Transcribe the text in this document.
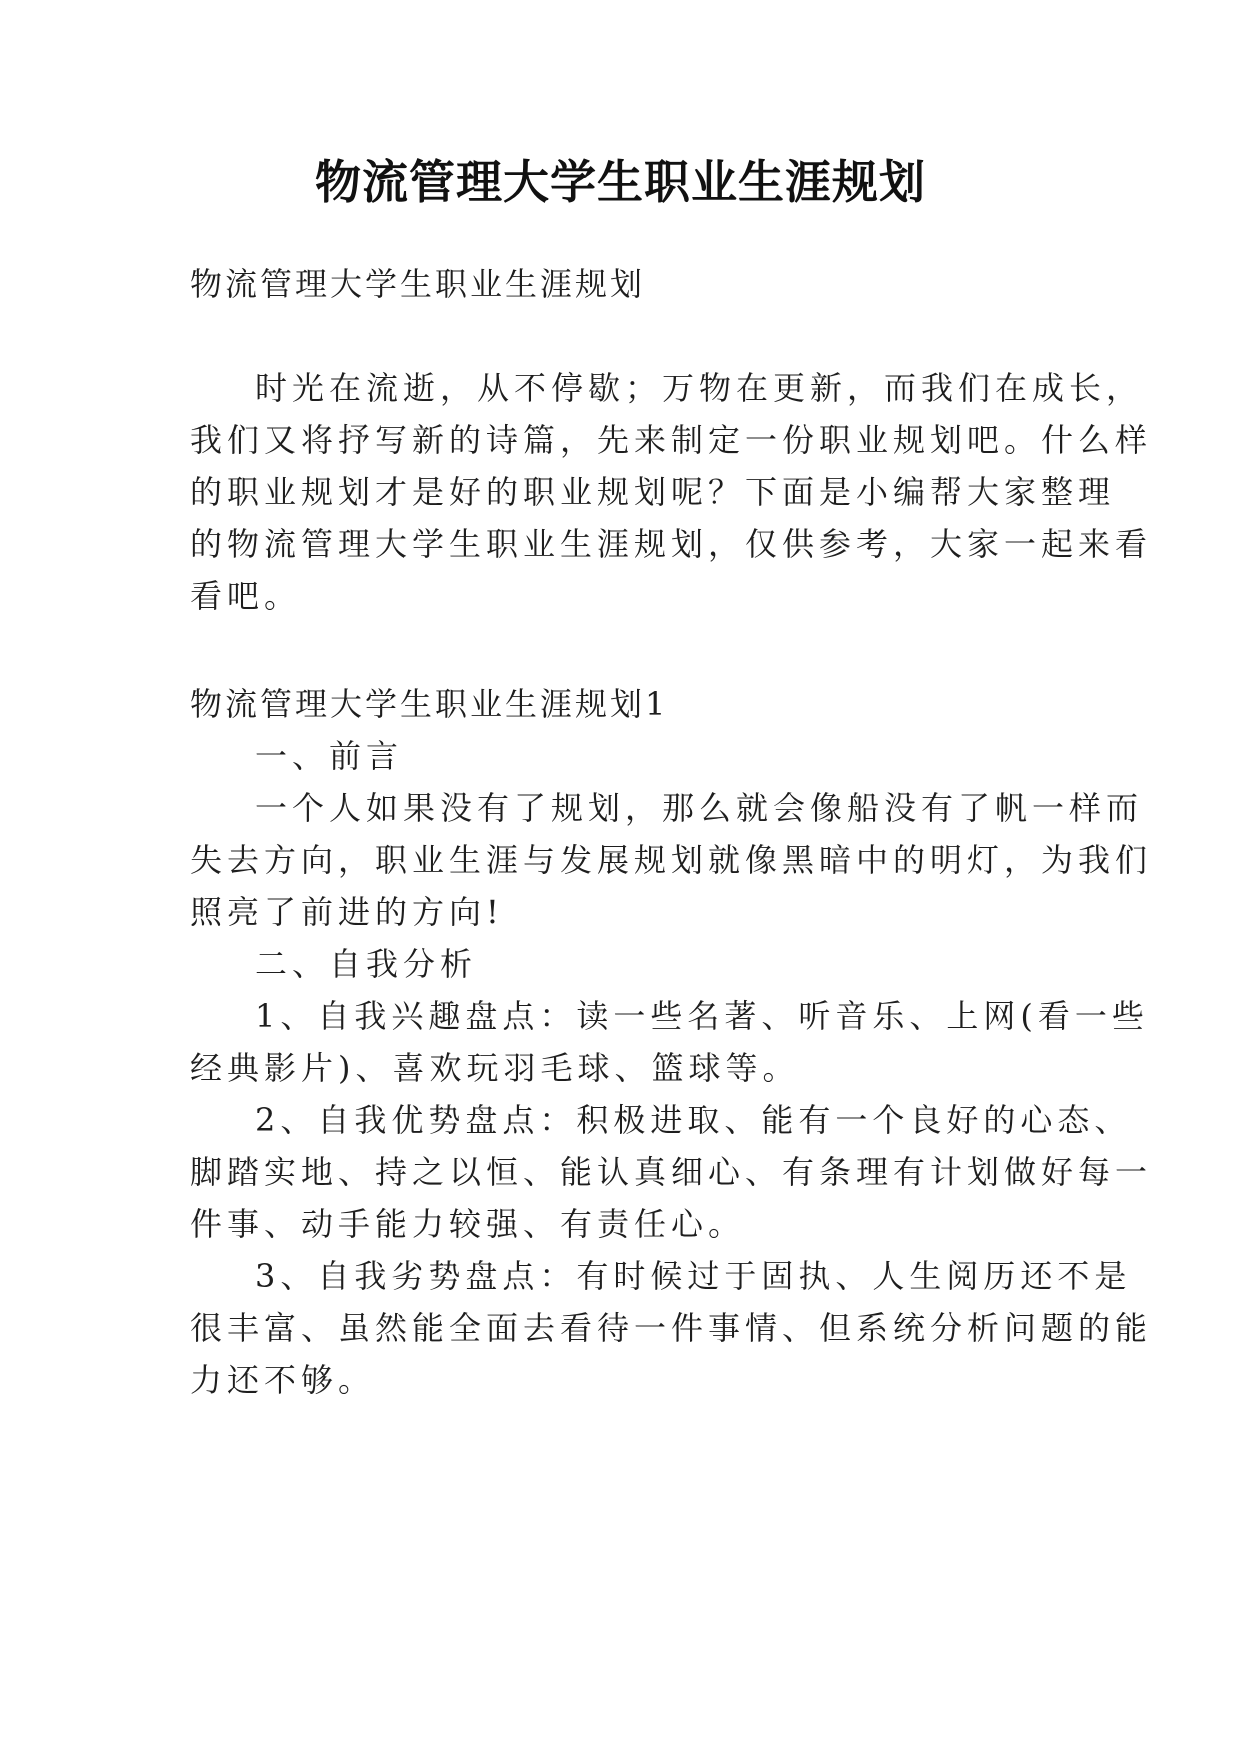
物流管理大学生职业生涯规划
物流管理大学生职业生涯规划
时光在流逝，从不停歇；万物在更新，而我们在成长，
我们又将抒写新的诗篇，先来制定一份职业规划吧。什么样
的职业规划才是好的职业规划呢？下面是小编帮大家整理
的物流管理大学生职业生涯规划，仅供参考，大家一起来看
看吧。
物流管理大学生职业生涯规划1
一、前言
一个人如果没有了规划，那么就会像船没有了帆一样而
失去方向，职业生涯与发展规划就像黑暗中的明灯，为我们
照亮了前进的方向!
二、自我分析
1、自我兴趣盘点：读一些名著、听音乐、上网(看一些
经典影片)、喜欢玩羽毛球、篮球等。
2、自我优势盘点：积极进取、能有一个良好的心态、
脚踏实地、持之以恒、能认真细心、有条理有计划做好每一
件事、动手能力较强、有责任心。
3、自我劣势盘点：有时候过于固执、人生阅历还不是
很丰富、虽然能全面去看待一件事情、但系统分析问题的能
力还不够。
